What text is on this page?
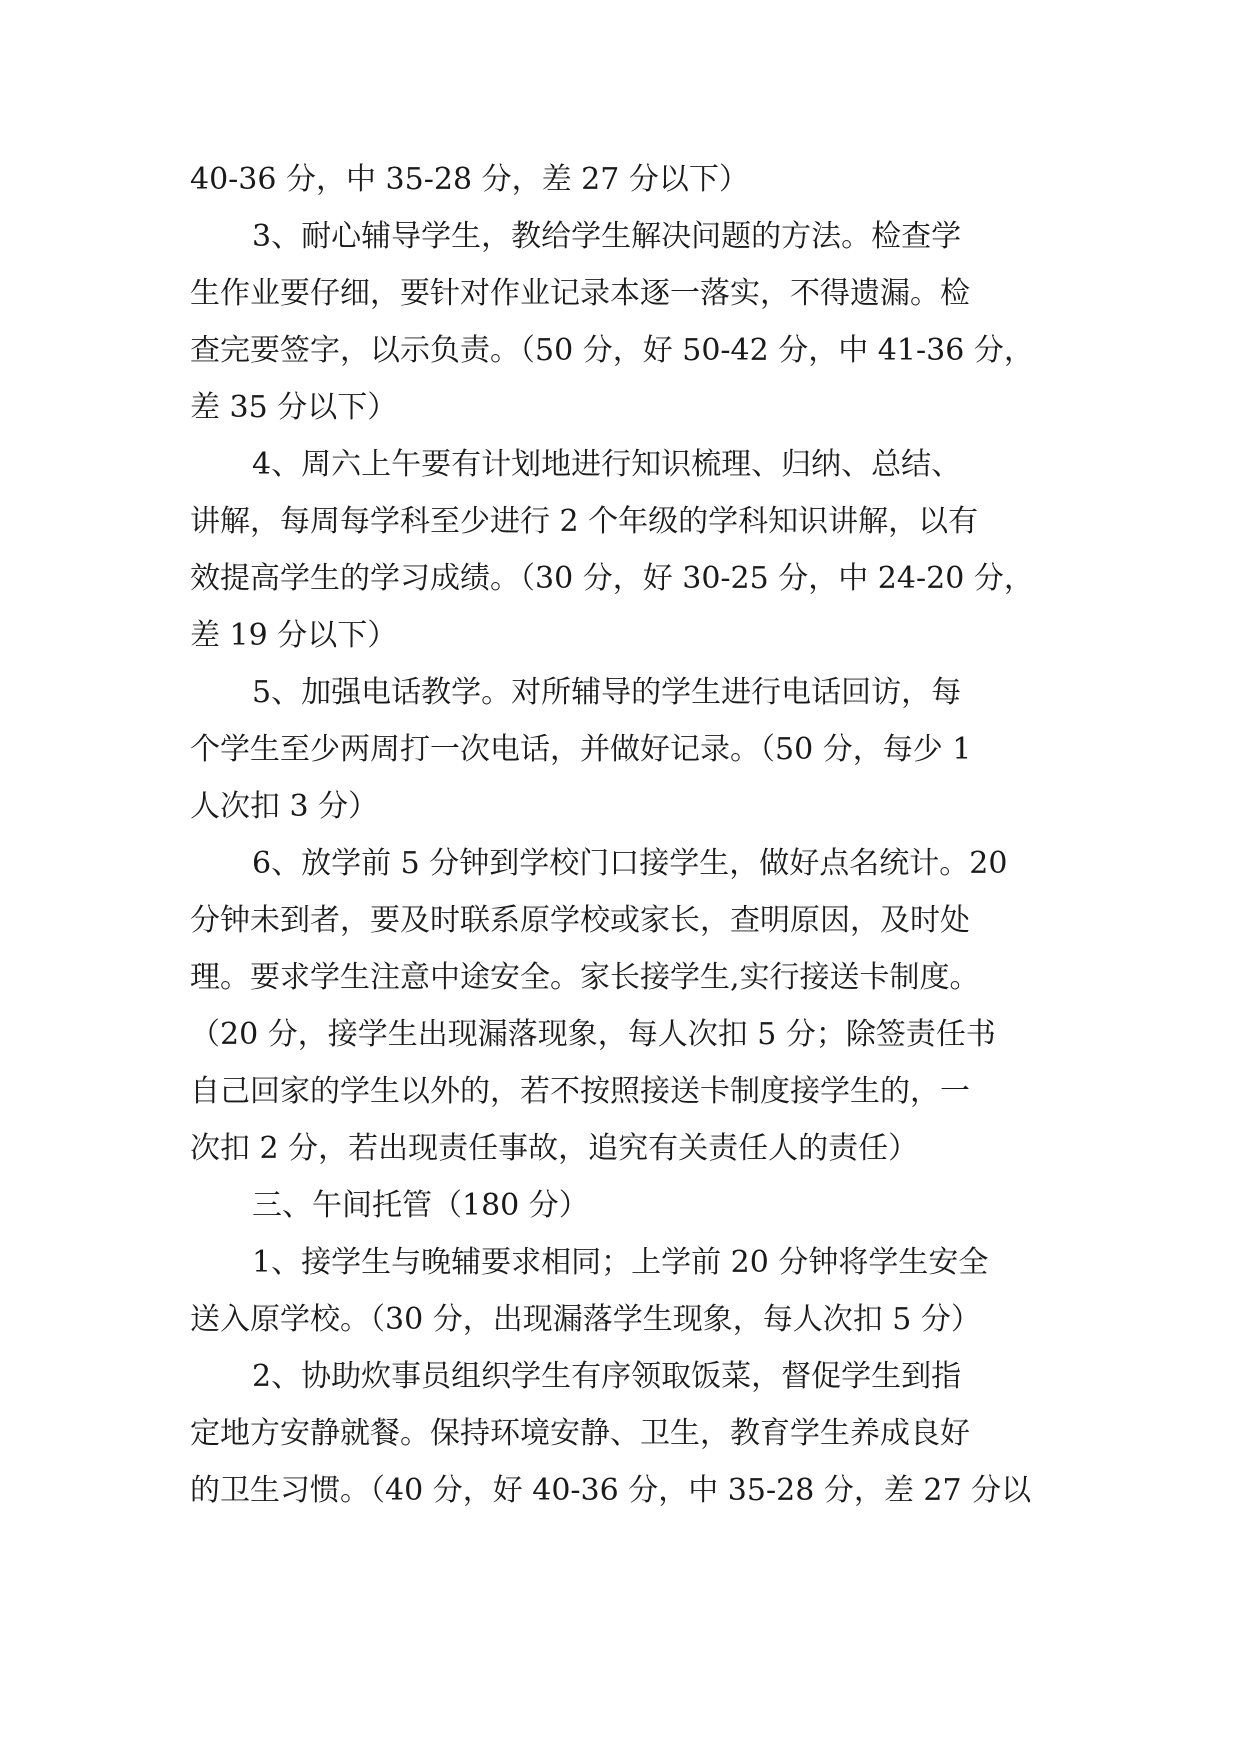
40-36 分，中 35-28 分，差 27 分以下）
3、耐心辅导学生，教给学生解决问题的方法。检查学
生作业要仔细，要针对作业记录本逐一落实，不得遗漏。检
查完要签字，以示负责。（50 分，好 50-42 分，中 41-36 分，
差 35 分以下）
4、周六上午要有计划地进行知识梳理、归纳、总结、
讲解，每周每学科至少进行 2 个年级的学科知识讲解，以有
效提高学生的学习成绩。（30 分，好 30-25 分，中 24-20 分，
差 19 分以下）
5、加强电话教学。对所辅导的学生进行电话回访，每
个学生至少两周打一次电话，并做好记录。（50 分，每少 1
人次扣 3 分）
6、放学前 5 分钟到学校门口接学生，做好点名统计。20
分钟未到者，要及时联系原学校或家长，查明原因，及时处
理。要求学生注意中途安全。家长接学生,实行接送卡制度。
（20 分，接学生出现漏落现象，每人次扣 5 分；除签责任书
自己回家的学生以外的，若不按照接送卡制度接学生的，一
次扣 2 分，若出现责任事故，追究有关责任人的责任）
三、午间托管（180 分）
1、接学生与晚辅要求相同；上学前 20 分钟将学生安全
送入原学校。（30 分，出现漏落学生现象，每人次扣 5 分）
2、协助炊事员组织学生有序领取饭菜，督促学生到指
定地方安静就餐。保持环境安静、卫生，教育学生养成良好
的卫生习惯。（40 分，好 40-36 分，中 35-28 分，差 27 分以
